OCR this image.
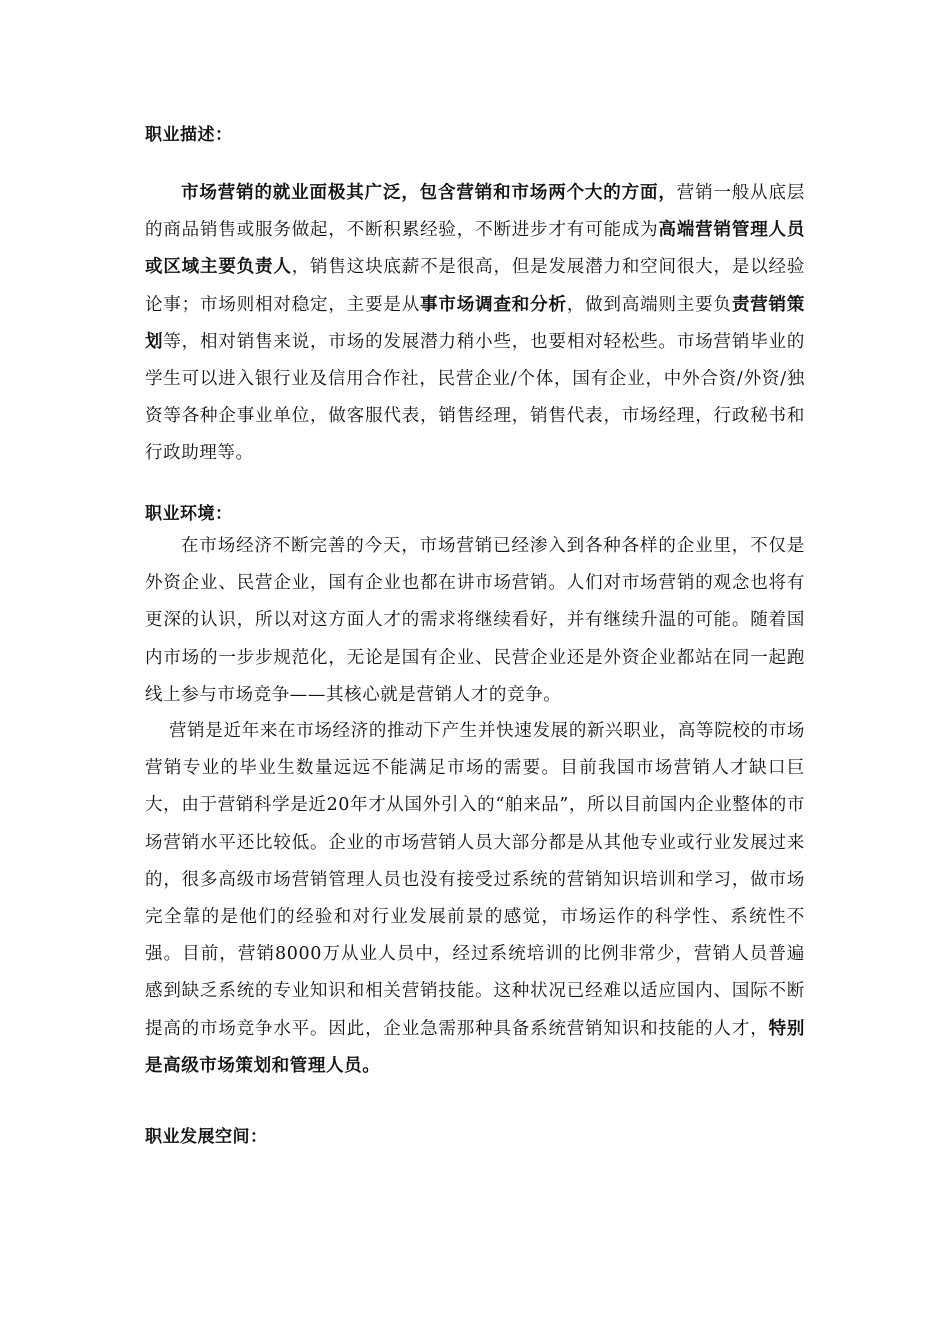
职业描述：
市场营销的就业面极其广泛，包含营销和市场两个大的方面，营销一般从底层的商品销售或服务做起，不断积累经验，不断进步才有可能成为高端营销管理人员或区域主要负责人，销售这块底薪不是很高，但是发展潜力和空间很大，是以经验论事；市场则相对稳定，主要是从事市场调查和分析，做到高端则主要负责营销策划等，相对销售来说，市场的发展潜力稍小些，也要相对轻松些。市场营销毕业的学生可以进入银行业及信用合作社，民营企业/个体，国有企业，中外合资/外资/独资等各种企事业单位，做客服代表，销售经理，销售代表，市场经理，行政秘书和行政助理等。
职业环境：
在市场经济不断完善的今天，市场营销已经渗入到各种各样的企业里，不仅是外资企业、民营企业，国有企业也都在讲市场营销。人们对市场营销的观念也将有更深的认识，所以对这方面人才的需求将继续看好，并有继续升温的可能。随着国内市场的一步步规范化，无论是国有企业、民营企业还是外资企业都站在同一起跑线上参与市场竞争——其核心就是营销人才的竞争。
营销是近年来在市场经济的推动下产生并快速发展的新兴职业，高等院校的市场营销专业的毕业生数量远远不能满足市场的需要。目前我国市场营销人才缺口巨大，由于营销科学是近20年才从国外引入的“舶来品”，所以目前国内企业整体的市场营销水平还比较低。企业的市场营销人员大部分都是从其他专业或行业发展过来的，很多高级市场营销管理人员也没有接受过系统的营销知识培训和学习，做市场完全靠的是他们的经验和对行业发展前景的感觉，市场运作的科学性、系统性不强。目前，营销8000万从业人员中，经过系统培训的比例非常少，营销人员普遍感到缺乏系统的专业知识和相关营销技能。这种状况已经难以适应国内、国际不断提高的市场竞争水平。因此，企业急需那种具备系统营销知识和技能的人才，特别是高级市场策划和管理人员。
职业发展空间：
